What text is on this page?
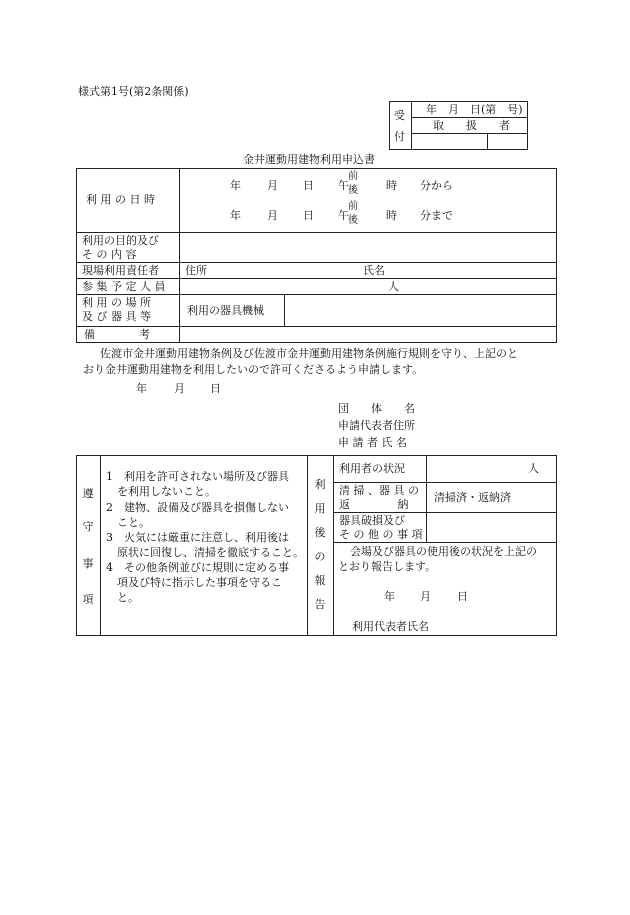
様式第1号(第2条関係)
受
付
年　月　日(第　号)
取　　扱　　者
金井運動用建物利用申込書
利 用 の 日 時
年 月 日 午
前
後	時 分から
年 月 日 午
前
後	時 分まで
利用の目的及び
そ の 内 容
現場利用責任者 住所	氏名
参 集 予 定 人 員	人
利 用 の 場 所
及 び 器 具 等	利用の器具機械
備　　　　考
佐渡市金井運動用建物条例及び佐渡市金井運動用建物条例施行規則を守り、上記のと
おり金井運動用建物を利用したいので許可くださるよう申請します。
年 月 日
団　　体　　名
申請代表者住所
申 請 者 氏 名
遵
守
事
項
1　利用を許可されない場所及び器具
　を利用しないこと。
2　建物、設備及び器具を損傷しない
　こと。
3　火気には厳重に注意し、利用後は
　原状に回復し、清掃を徹底すること。
4　その他条例並びに規則に定める事
　項及び特に指示した事項を守るこ
　と。
利
用
後
の
報
告
利用者の状況	人
清 掃 、器 具 の
返　　　　 納
清掃済・返納済
器具破損及び
そ の 他 の 事 項
会場及び器具の使用後の状況を上記の
とおり報告します。
年 月 日
利用代表者氏名
